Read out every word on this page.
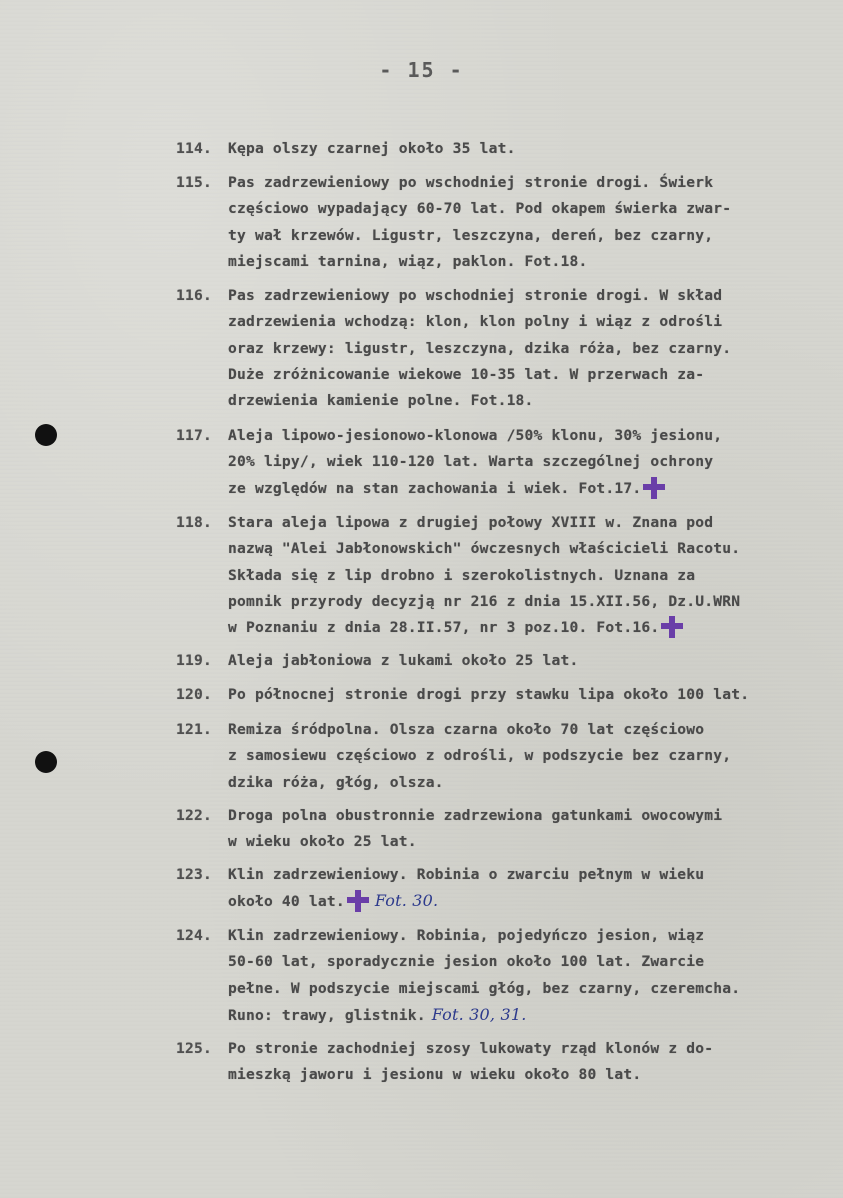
- 15 -
114. Kępa olszy czarnej około 35 lat.
115. Pas zadrzewieniowy po wschodniej stronie drogi. Świerk
częściowo wypadający 60-70 lat. Pod okapem świerka zwar-
ty wał krzewów. Ligustr, leszczyna, dereń, bez czarny,
miejscami tarnina, wiąz, paklon. Fot.18.
116. Pas zadrzewieniowy po wschodniej stronie drogi. W skład
zadrzewienia wchodzą: klon, klon polny i wiąz z odrośli
oraz krzewy: ligustr, leszczyna, dzika róża, bez czarny.
Duże zróżnicowanie wiekowe 10-35 lat. W przerwach za-
drzewienia kamienie polne. Fot.18.
117. Aleja lipowo-jesionowo-klonowa /50% klonu, 30% jesionu,
20% lipy/, wiek 110-120 lat. Warta szczególnej ochrony
ze względów na stan zachowania i wiek. Fot.17.
118. Stara aleja lipowa z drugiej połowy XVIII w. Znana pod
nazwą "Alei Jabłonowskich" ówczesnych właścicieli Racotu.
Składa się z lip drobno i szerokolistnych. Uznana za
pomnik przyrody decyzją nr 216 z dnia 15.XII.56, Dz.U.WRN
w Poznaniu z dnia 28.II.57, nr 3 poz.10. Fot.16.
119. Aleja jabłoniowa z lukami około 25 lat.
120. Po północnej stronie drogi przy stawku lipa około 100 lat.
121. Remiza śródpolna. Olsza czarna około 70 lat częściowo
z samosiewu częściowo z odrośli, w podszycie bez czarny,
dzika róża, głóg, olsza.
122. Droga polna obustronnie zadrzewiona gatunkami owocowymi
w wieku około 25 lat.
123. Klin zadrzewieniowy. Robinia o zwarciu pełnym w wieku
około 40 lat. Fot. 30.
124. Klin zadrzewieniowy. Robinia, pojedyńczo jesion, wiąz
50-60 lat, sporadycznie jesion około 100 lat. Zwarcie
pełne. W podszycie miejscami głóg, bez czarny, czeremcha.
Runo: trawy, glistnik. Fot. 30, 31.
125. Po stronie zachodniej szosy lukowaty rząd klonów z do-
mieszką jaworu i jesionu w wieku około 80 lat.
